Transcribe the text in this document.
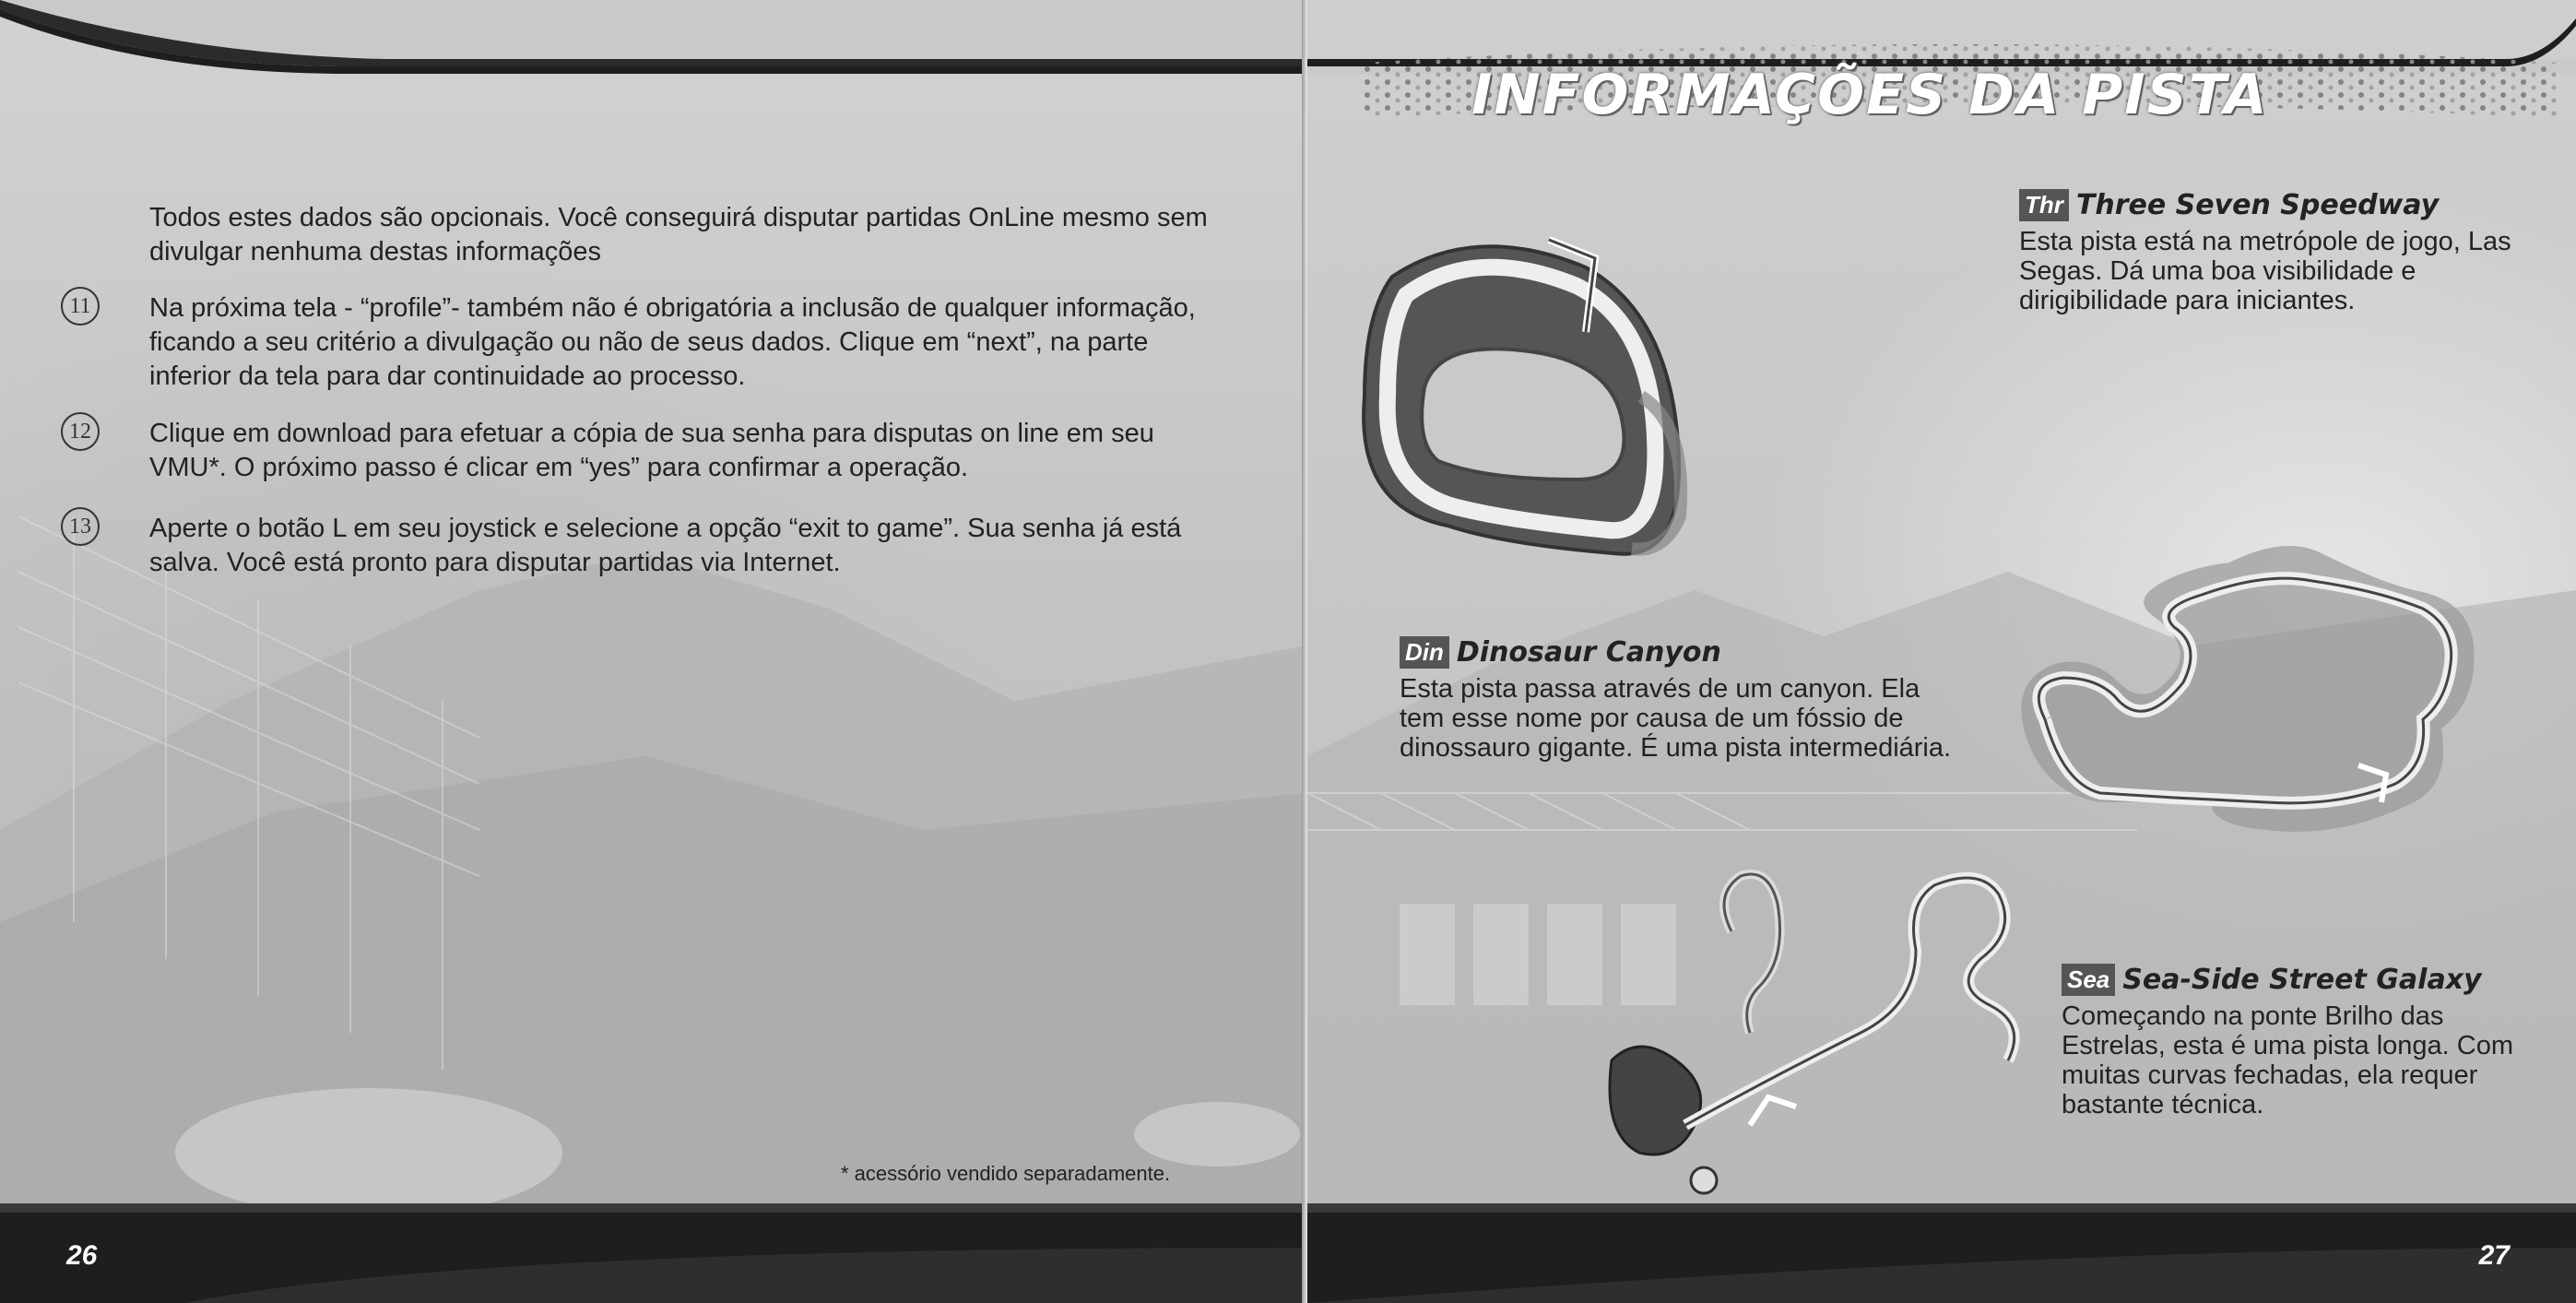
26

Todos estes dados são opcionais. Você conseguirá disputar partidas OnLine mesmo sem divulgar nenhuma destas informações

11	Na próxima tela - “profile”- também não é obrigatória a inclusão de qualquer informação, ficando a seu critério a divulgação ou não de seus dados. Clique em “next”, na parte inferior da tela para dar continuidade ao processo.

12	Clique em download para efetuar a cópia de sua senha para disputas on line em seu VMU*. O próximo passo é clicar em “yes” para confirmar a operação.

13	Aperte o botão L em seu joystick e selecione a opção “exit to game”. Sua senha já está salva. Você está pronto para disputar partidas via Internet.

* acessório vendido separadamente.
27
INFORMAÇÕES DA PISTA
Thr Three Seven Speedway
Esta pista está na metrópole de jogo, Las Segas. Dá uma boa visibilidade e dirigibilidade para iniciantes.
Din Dinosaur Canyon
Esta pista passa através de um canyon. Ela tem esse nome por causa de um fóssio de dinossauro gigante. É uma pista intermediária.
Sea Sea-Side Street Galaxy
Começando na ponte Brilho das Estrelas, esta é uma pista longa. Com muitas curvas fechadas, ela requer bastante técnica.
